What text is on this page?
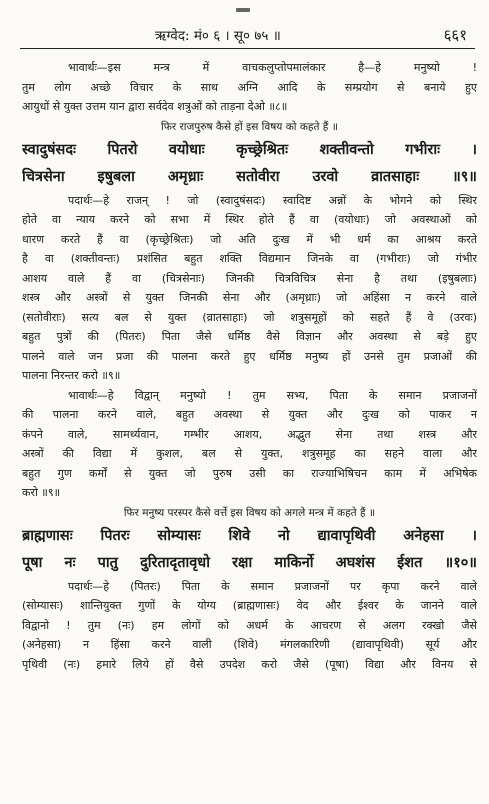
ऋग्वेद: मं० ६ । सू० ७५ ॥	६६१
भावार्थः—इस मन्त्र में वाचकलुप्तोपमालंकार है—हे मनुष्यो !
तुम लोग अच्छे विचार के साथ अग्नि आदि के सम्प्रयोग से बनाये हुए
आयुधों से युक्त उत्तम यान द्वारा सर्वदेव शत्रुओं को ताड़ना देओ ॥८॥
फिर राजपुरुष कैसे हों इस विषय को कहते हैं ॥
स्वादुषंसदः पितरो वयोधाः कृच्छ्रेश्रितः शक्तीवन्तो गभीराः ।
चित्रसेना इषुबला अमृध्राः सतोवीरा उरवो व्रातसाहाः ॥९॥
पदार्थः—हे राजन् ! जो (स्वादुषंसदः) स्वादिष्ट अन्नों के भोगने को स्थिर
होते वा न्याय करने को सभा में स्थिर होते हैं वा (वयोधाः) जो अवस्थाओं को
धारण करते हैं वा (कृच्छ्रेश्रितः) जो अति दुःख में भी धर्म का आश्रय करते
है वा (शक्तीवन्तः) प्रशंसित बहुत शक्ति विद्यमान जिनके वा (गभीराः) जो गंभीर
आशय वाले हैं वा (चित्रसेनाः) जिनकी चित्रविचित्र सेना है तथा (इषुबलाः)
शस्त्र और अस्त्रों से युक्त जिनकी सेना और (अमृध्राः) जो अहिंसा न करने वाले
(सतोवीराः) सत्य बल से युक्त (व्रातसाहाः) जो शत्रुसमूहों को सहते हैं वे (उरवः)
बहुत पुत्रों की (पितरः) पिता जैसे धर्मिष्ठ वैसे विज्ञान और अवस्था से बड़े हुए
पालने वाले जन प्रजा की पालना करते हुए धर्मिष्ठ मनुष्य हों उनसे तुम प्रजाओं की
पालना निरन्तर करो ॥९॥
भावार्थः—हे विद्वान् मनुष्यो ! तुम सभ्य, पिता के समान प्रजाजनों
की पालना करने वाले, बहुत अवस्था से युक्त और दुःख को पाकर न
कंपने वाले, सामर्थ्यवान, गम्भीर आशय, अद्भुत सेना तथा शस्त्र और
अस्त्रों की विद्या में कुशल, बल से युक्त, शत्रुसमूह का सहने वाला और
बहुत गुण कर्मों से युक्त जो पुरुष उसी का राज्याभिषिचन काम में अभिषेक
करो ॥९॥
फिर मनुष्य परस्पर कैसे वर्त्ते इस विषय को अगले मन्त्र में कहते हैं ॥
ब्राह्मणासः पितरः सोम्यासः शिवे नो द्यावापृथिवी अनेहसा ।
पूषा नः पातु दुरितादृतावृधो रक्षा माकिर्नो अघशंस ईशत ॥१०॥
पदार्थः—हे (पितरः) पिता के समान प्रजाजनों पर कृपा करने वाले
(सोम्यासः) शान्तियुक्त गुणों के योग्य (ब्राह्मणासः) वेद और ईश्वर के जानने वाले
विद्वानो ! तुम (नः) हम लोगों को अधर्म के आचरण से अलग रक्खो जैसे
(अनेहसा) न हिंसा करने वाली (शिवे) मंगलकारिणी (द्यावापृथिवी) सूर्य और
पृथिवी (नः) हमारे लिये हों वैसे उपदेश करो जैसे (पूषा) विद्या और विनय से
